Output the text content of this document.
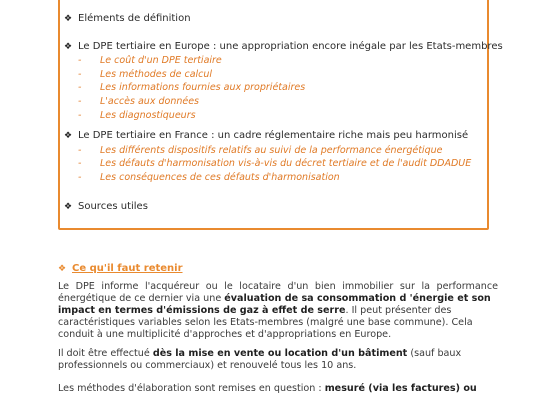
❖ Eléments de définition
❖ Le DPE tertiaire en Europe : une appropriation encore inégale par les Etats-membres
- Le coût d'un DPE tertiaire
- Les méthodes de calcul
- Les informations fournies aux propriétaires
- L'accès aux données
- Les diagnostiqueurs
❖ Le DPE tertiaire en France : un cadre réglementaire riche mais peu harmonisé
- Les différents dispositifs relatifs au suivi de la performance énergétique
- Les défauts d'harmonisation vis-à-vis du décret tertiaire et de l'audit DDADUE
- Les conséquences de ces défauts d'harmonisation
❖ Sources utiles
❖ Ce qu'il faut retenir
Le DPE informe l'acquéreur ou le locataire d'un bien immobilier sur la performance
énergétique de ce dernier via une évaluation de sa consommation d 'énergie et son
impact en termes d'émissions de gaz à effet de serre. Il peut présenter des
caractéristiques variables selon les Etats-membres (malgré une base commune). Cela
conduit à une multiplicité d'approches et d'appropriations en Europe.
Il doit être effectué dès la mise en vente ou location d'un bâtiment (sauf baux
professionnels ou commerciaux) et renouvelé tous les 10 ans.
Les méthodes d'élaboration sont remises en question : mesuré (via les factures) ou
